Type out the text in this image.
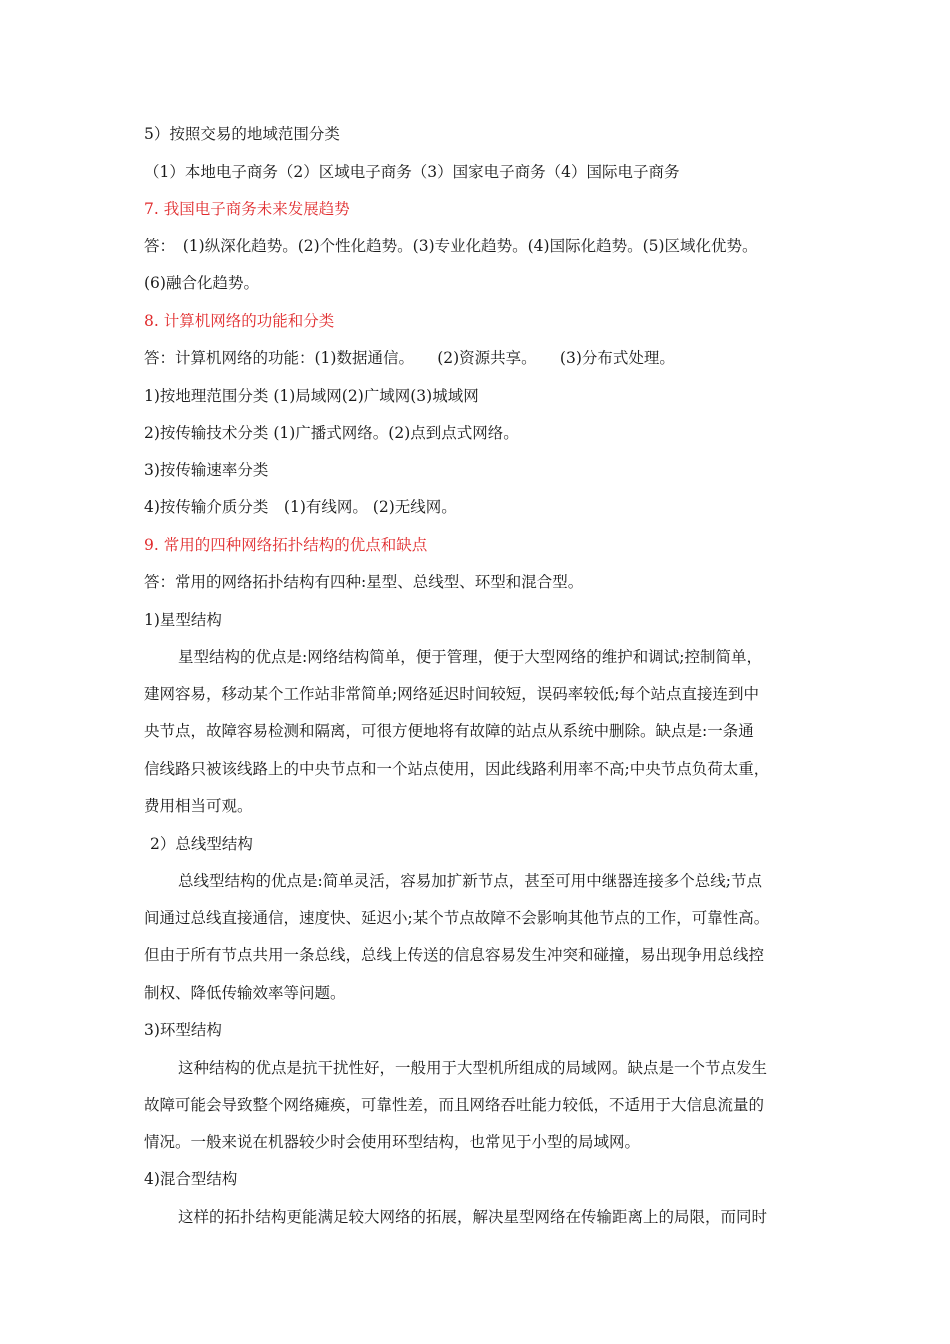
5）按照交易的地域范围分类
（1）本地电子商务（2）区域电子商务（3）国家电子商务（4）国际电子商务
7. 我国电子商务未来发展趋势
答：　(1)纵深化趋势。(2)个性化趋势。(3)专业化趋势。(4)国际化趋势。(5)区域化优势。
(6)融合化趋势。
8. 计算机网络的功能和分类
答：计算机网络的功能：(1)数据通信。　　(2)资源共享。　　(3)分布式处理。
1)按地理范围分类 (1)局域网(2)广域网(3)城域网
2)按传输技术分类 (1)广播式网络。(2)点到点式网络。
3)按传输速率分类
4)按传输介质分类　(1)有线网。 (2)无线网。
9. 常用的四种网络拓扑结构的优点和缺点
答：常用的网络拓扑结构有四种:星型、总线型、环型和混合型。
1)星型结构
星型结构的优点是:网络结构简单，便于管理，便于大型网络的维护和调试;控制简单，
建网容易，移动某个工作站非常简单;网络延迟时间较短，误码率较低;每个站点直接连到中
央节点，故障容易检测和隔离，可很方便地将有故障的站点从系统中删除。缺点是:一条通
信线路只被该线路上的中央节点和一个站点使用，因此线路利用率不高;中央节点负荷太重，
费用相当可观。
2）总线型结构
总线型结构的优点是:简单灵活，容易加扩新节点，甚至可用中继器连接多个总线;节点
间通过总线直接通信，速度快、延迟小;某个节点故障不会影响其他节点的工作，可靠性高。
但由于所有节点共用一条总线，总线上传送的信息容易发生冲突和碰撞，易出现争用总线控
制权、降低传输效率等问题。
3)环型结构
这种结构的优点是抗干扰性好，一般用于大型机所组成的局域网。缺点是一个节点发生
故障可能会导致整个网络瘫痪，可靠性差，而且网络吞吐能力较低，不适用于大信息流量的
情况。一般来说在机器较少时会使用环型结构，也常见于小型的局域网。
4)混合型结构
这样的拓扑结构更能满足较大网络的拓展，解决星型网络在传输距离上的局限，而同时
